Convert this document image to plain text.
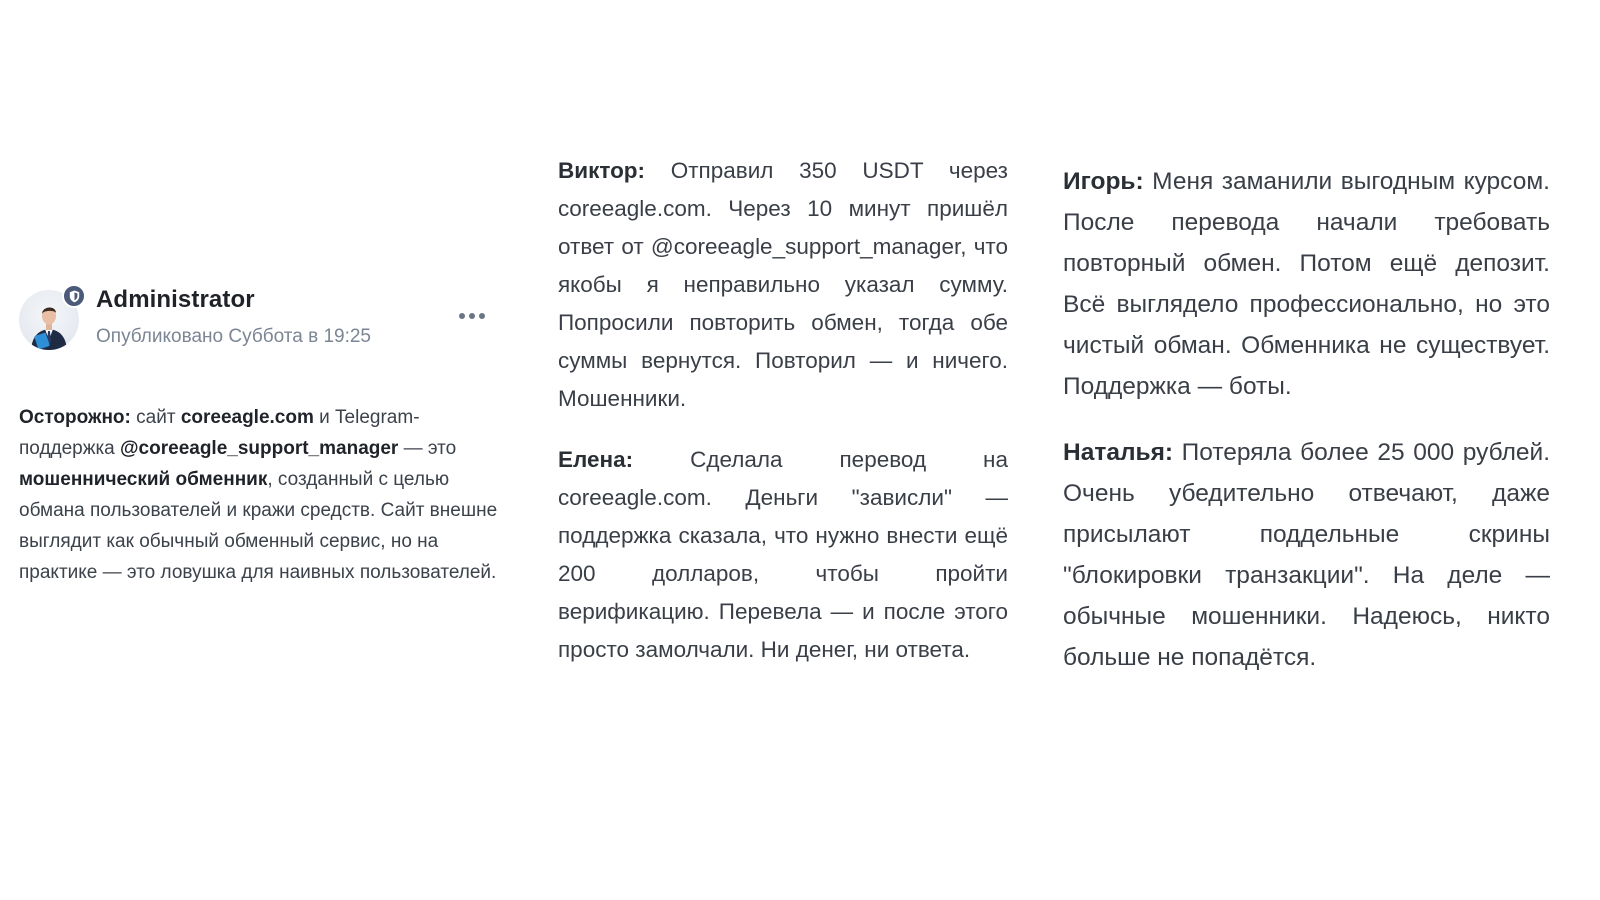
Administrator
Опубликовано Суббота в 19:25
Осторожно: сайт coreeagle.com и Telegram-поддержка @coreeagle_support_manager — это мошеннический обменник, созданный с целью обмана пользователей и кражи средств. Сайт внешне выглядит как обычный обменный сервис, но на практике — это ловушка для наивных пользователей.

Виктор: Отправил 350 USDT через coreeagle.com. Через 10 минут пришёл ответ от @coreeagle_support_manager, что якобы я неправильно указал сумму. Попросили повторить обмен, тогда обе суммы вернутся. Повторил — и ничего. Мошенники.

Елена: Сделала перевод на coreeagle.com. Деньги "зависли" — поддержка сказала, что нужно внести ещё 200 долларов, чтобы пройти верификацию. Перевела — и после этого просто замолчали. Ни денег, ни ответа.

Игорь: Меня заманили выгодным курсом. После перевода начали требовать повторный обмен. Потом ещё депозит. Всё выглядело профессионально, но это чистый обман. Обменника не существует. Поддержка — боты.

Наталья: Потеряла более 25 000 рублей. Очень убедительно отвечают, даже присылают поддельные скрины "блокировки транзакции". На деле — обычные мошенники. Надеюсь, никто больше не попадётся.
